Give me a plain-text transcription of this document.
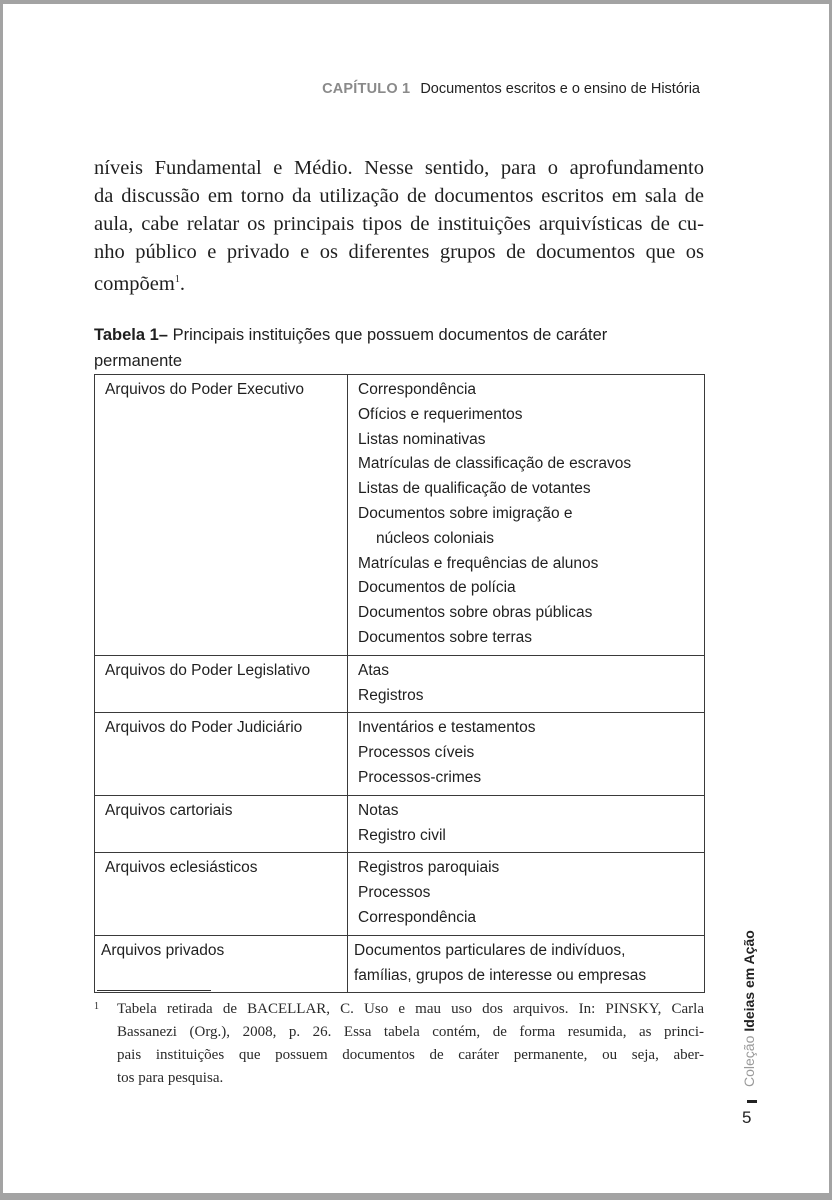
CAPÍTULO 1 Documentos escritos e o ensino de História
níveis Fundamental e Médio. Nesse sentido, para o aprofundamento
da discussão em torno da utilização de documentos escritos em sala de
aula, cabe relatar os principais tipos de instituições arquivísticas de cu-
nho público e privado e os diferentes grupos de documentos que os
compõem$^1$.
Tabela 1– Principais instituições que possuem documentos de caráter
permanente
Arquivos do Poder Executivo	Correspondência
Ofícios e requerimentos
Listas nominativas
Matrículas de classificação de escravos
Listas de qualificação de votantes
Documentos sobre imigração e
núcleos coloniais
Matrículas e frequências de alunos
Documentos de polícia
Documentos sobre obras públicas
Documentos sobre terras

Arquivos do Poder Legislativo	Atas
Registros

Arquivos do Poder Judiciário	Inventários e testamentos
Processos cíveis
Processos-crimes

Arquivos cartoriais	Notas
Registro civil

Arquivos eclesiásticos	Registros paroquiais
Processos
Correspondência

Arquivos privados	Documentos particulares de indivíduos,
famílias, grupos de interesse ou empresas
1 Tabela retirada de BACELLAR, C. Uso e mau uso dos arquivos. In: PINSKY, Carla
Bassanezi (Org.), 2008, p. 26. Essa tabela contém, de forma resumida, as princi-
pais instituições que possuem documentos de caráter permanente, ou seja, aber-
tos para pesquisa.	ColeçãoIdeias em Ação
5
